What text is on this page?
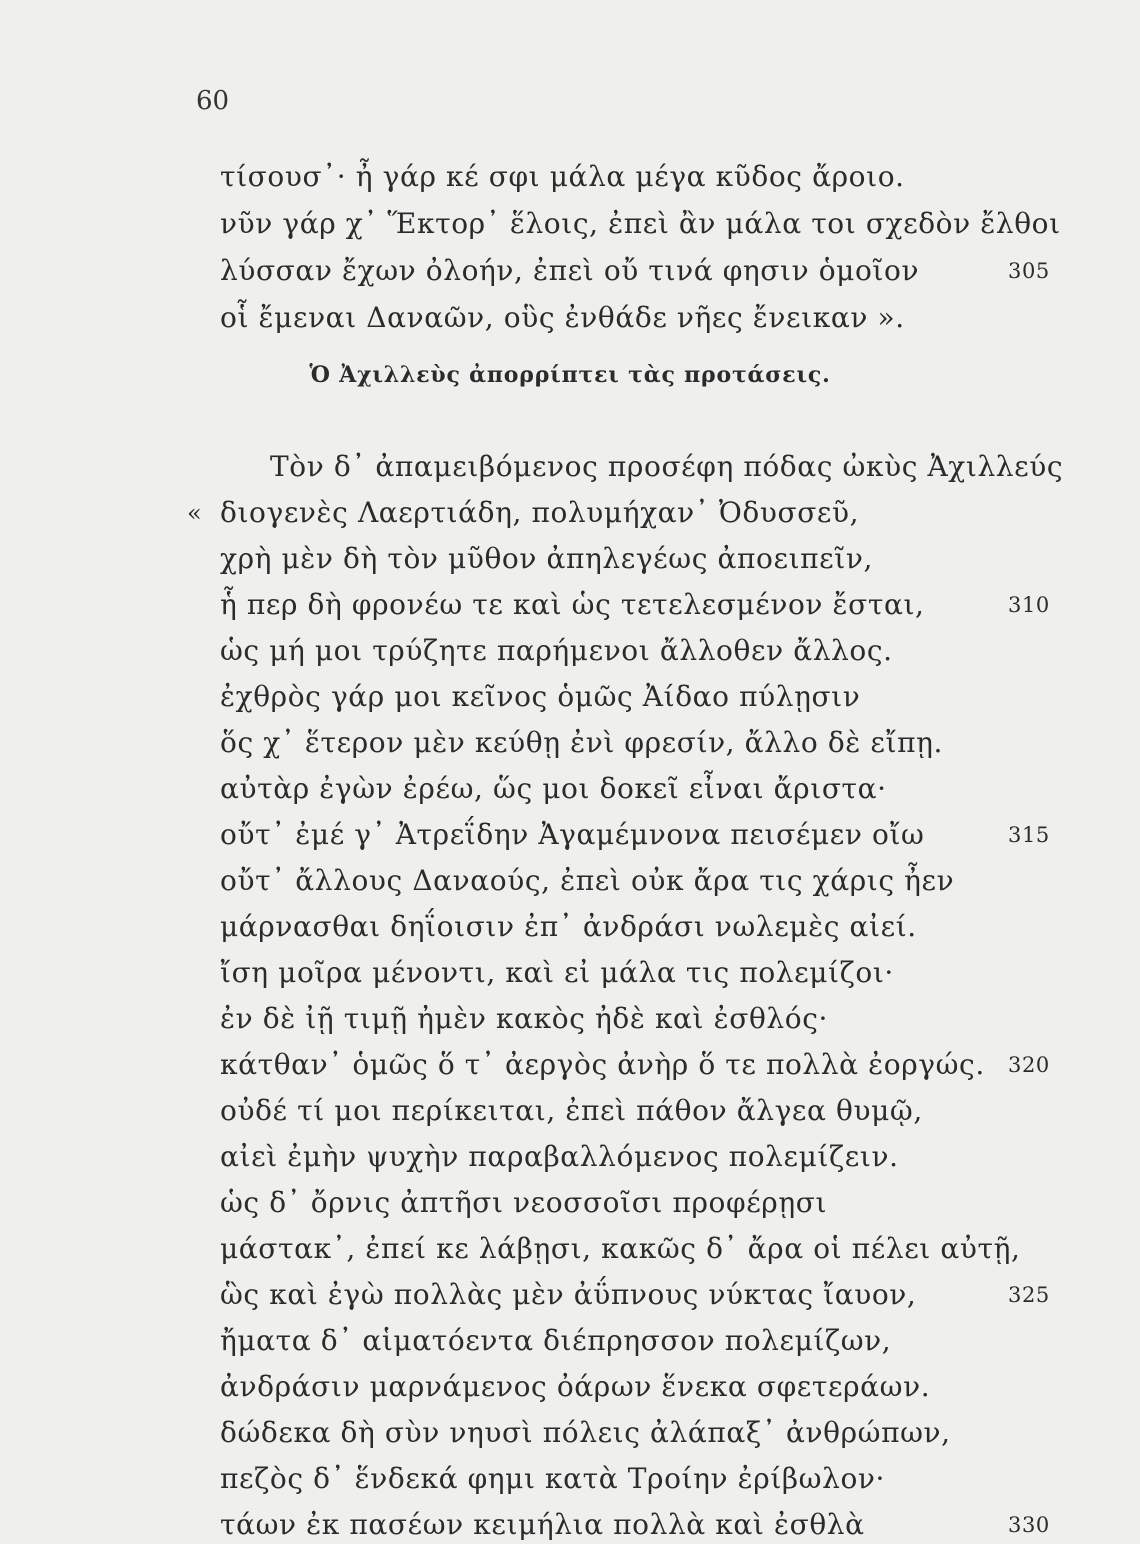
60
τίσουσ᾽· ἦ γάρ κέ σφι μάλα μέγα κῦδος ἄροιο.
νῦν γάρ χ᾽ Ἕκτορ᾽ ἕλοις, ἐπεὶ ἂν μάλα τοι σχεδὸν ἔλθοι
λύσσαν ἔχων ὀλοήν, ἐπεὶ οὔ τινά φησιν ὁμοῖον	305
οἷ ἔμεναι Δαναῶν, οὓς ἐνθάδε νῆες ἔνεικαν ».
Ὁ Ἀχιλλεὺς ἀπορρίπτει τὰς προτάσεις.
Τὸν δ᾽ ἀπαμειβόμενος προσέφη πόδας ὠκὺς Ἀχιλλεύς
διογενὲς Λαερτιάδη, πολυμήχαν᾽ Ὀδυσσεῦ,
«
χρὴ μὲν δὴ τὸν μῦθον ἀπηλεγέως ἀποειπεῖν,
ἧ περ δὴ φρονέω τε καὶ ὡς τετελεσμένον ἔσται,	310
ὡς μή μοι τρύζητε παρήμενοι ἄλλοθεν ἄλλος.
ἐχθρὸς γάρ μοι κεῖνος ὁμῶς Ἀίδαο πύλῃσιν
ὅς χ᾽ ἕτερον μὲν κεύθῃ ἐνὶ φρεσίν, ἄλλο δὲ εἴπῃ.
αὐτὰρ ἐγὼν ἐρέω, ὥς μοι δοκεῖ εἶναι ἄριστα·
οὔτ᾽ ἐμέ γ᾽ Ἀτρεΐδην Ἀγαμέμνονα πεισέμεν οἴω	315
οὔτ᾽ ἄλλους Δαναούς, ἐπεὶ οὐκ ἄρα τις χάρις ἦεν
μάρνασθαι δηΐοισιν ἐπ᾽ ἀνδράσι νωλεμὲς αἰεί.
ἴση μοῖρα μένοντι, καὶ εἰ μάλα τις πολεμίζοι·
ἐν δὲ ἰῇ τιμῇ ἠμὲν κακὸς ἠδὲ καὶ ἐσθλός·
κάτθαν᾽ ὁμῶς ὅ τ᾽ ἀεργὸς ἀνὴρ ὅ τε πολλὰ ἐοργώς. 320
οὐδέ τί μοι περίκειται, ἐπεὶ πάθον ἄλγεα θυμῷ,
αἰεὶ ἐμὴν ψυχὴν παραβαλλόμενος πολεμίζειν.
ὡς δ᾽ ὄρνις ἀπτῆσι νεοσσοῖσι προφέρῃσι
μάστακ᾽, ἐπεί κε λάβῃσι, κακῶς δ᾽ ἄρα οἱ πέλει αὐτῇ,
ὣς καὶ ἐγὼ πολλὰς μὲν ἀΰπνους νύκτας ἴαυον,	325
ἤματα δ᾽ αἱματόεντα διέπρησσον πολεμίζων,
ἀνδράσιν μαρνάμενος ὀάρων ἕνεκα σφετεράων.
δώδεκα δὴ σὺν νηυσὶ πόλεις ἀλάπαξ᾽ ἀνθρώπων,
πεζὸς δ᾽ ἕνδεκά φημι κατὰ Τροίην ἐρίβωλον·
τάων ἐκ πασέων κειμήλια πολλὰ καὶ ἐσθλὰ	330
